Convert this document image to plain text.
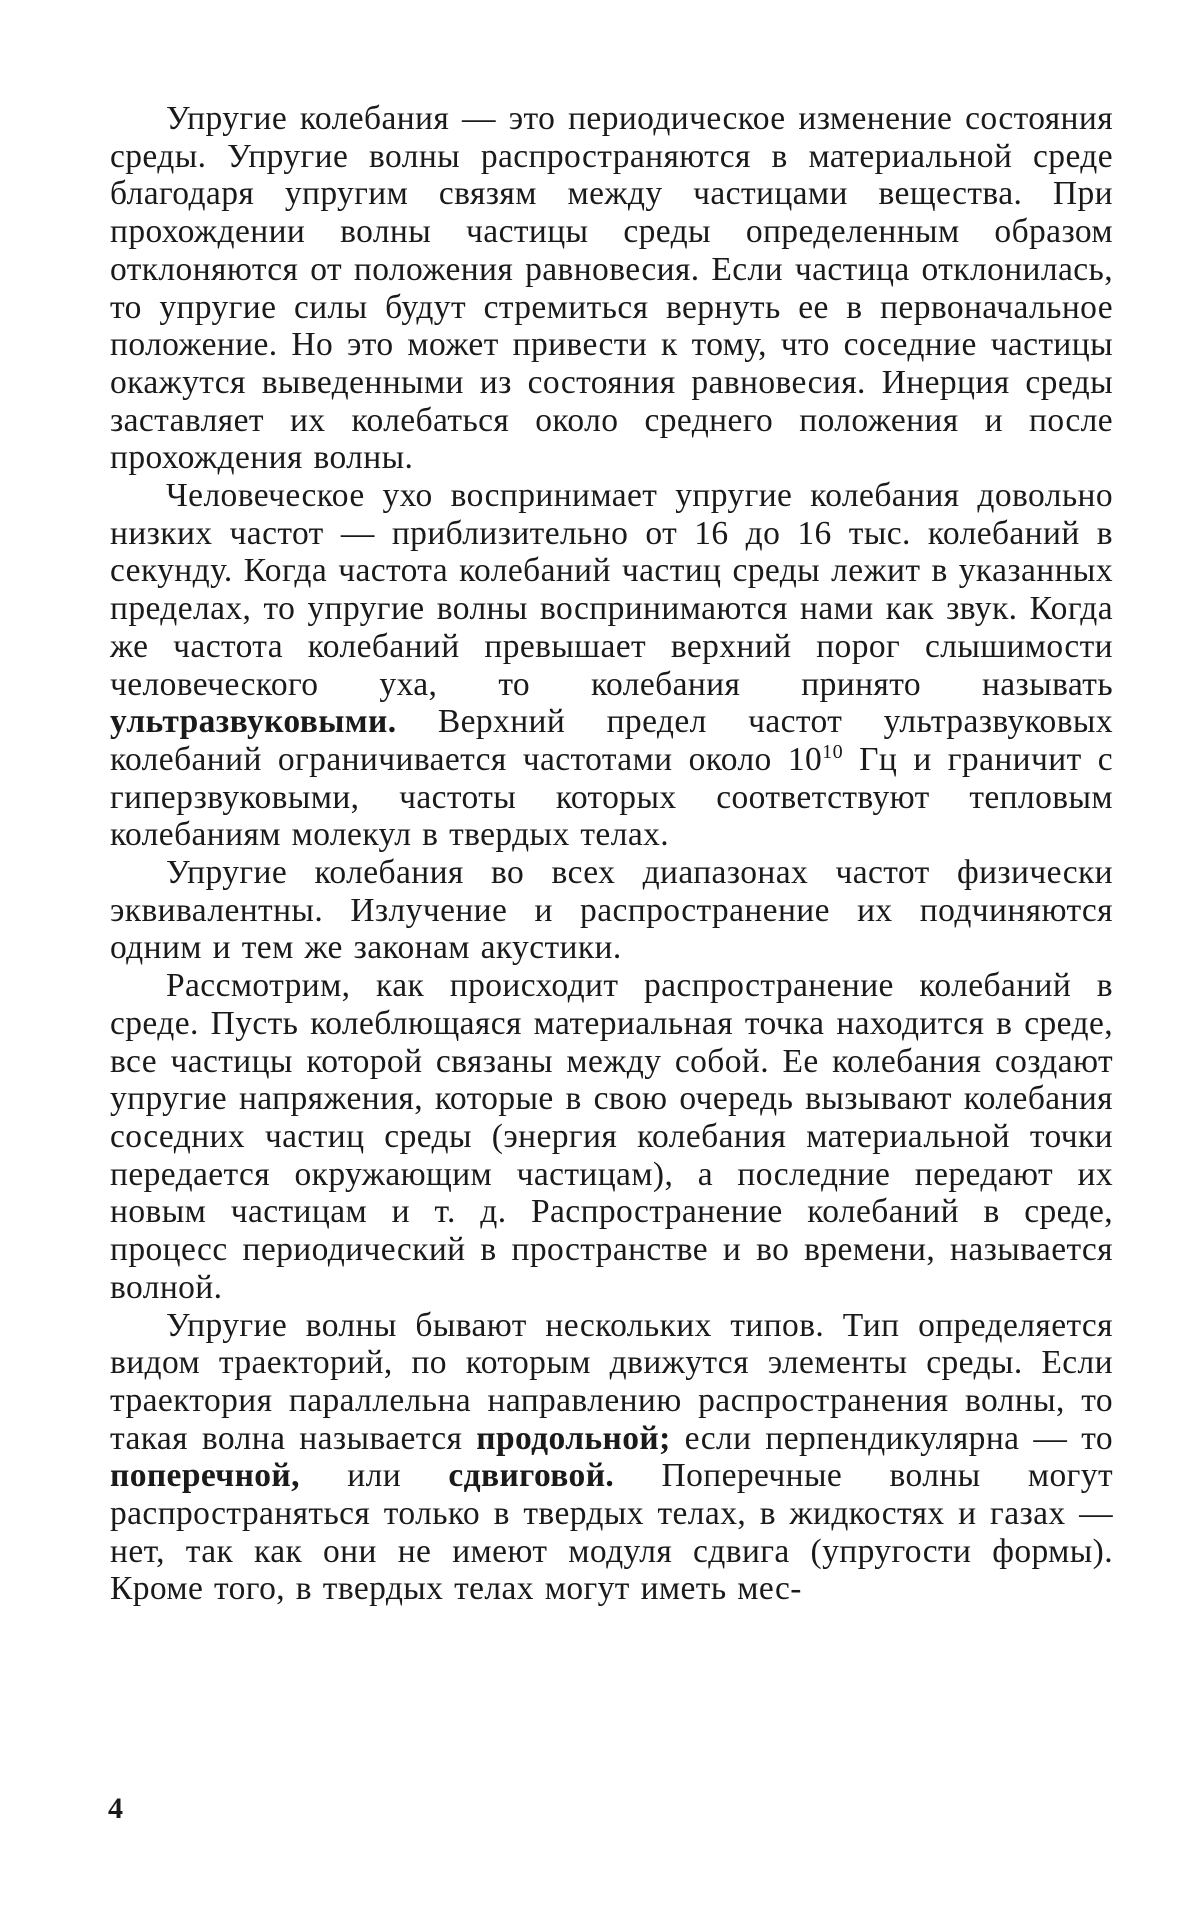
Упругие колебания — это периодическое изменение состояния среды. Упругие волны распространяются в материальной среде благодаря упругим связям между частицами вещества. При прохождении волны частицы среды определенным образом отклоняются от положения равновесия. Если частица отклонилась, то упругие силы будут стремиться вернуть ее в первоначальное положение. Но это может привести к тому, что соседние частицы окажутся выведенными из состояния равновесия. Инерция среды заставляет их колебаться около среднего положения и после прохождения волны.

Человеческое ухо воспринимает упругие колебания довольно низких частот — приблизительно от 16 до 16 тыс. колебаний в секунду. Когда частота колебаний частиц среды лежит в указанных пределах, то упругие волны воспринимаются нами как звук. Когда же частота колебаний превышает верхний порог слышимости человеческого уха, то колебания принято называть ультразвуковыми. Верхний предел частот ультразвуковых колебаний ограничивается частотами около $10^{10}$ Гц и граничит с гиперзвуковыми, частоты которых соответствуют тепловым колебаниям молекул в твердых телах.

Упругие колебания во всех диапазонах частот физически эквивалентны. Излучение и распространение их подчиняются одним и тем же законам акустики.

Рассмотрим, как происходит распространение колебаний в среде. Пусть колеблющаяся материальная точка находится в среде, все частицы которой связаны между собой. Ее колебания создают упругие напряжения, которые в свою очередь вызывают колебания соседних частиц среды (энергия колебания материальной точки передается окружающим частицам), а последние передают их новым частицам и т. д. Распространение колебаний в среде, процесс периодический в пространстве и во времени, называется волной.

Упругие волны бывают нескольких типов. Тип определяется видом траекторий, по которым движутся элементы среды. Если траектория параллельна направлению распространения волны, то такая волна называется продольной; если перпендикулярна — то поперечной, или сдвиговой. Поперечные волны могут распространяться только в твердых телах, в жидкостях и газах — нет, так как они не имеют модуля сдвига (упругости формы). Кроме того, в твердых телах могут иметь мес-

4
